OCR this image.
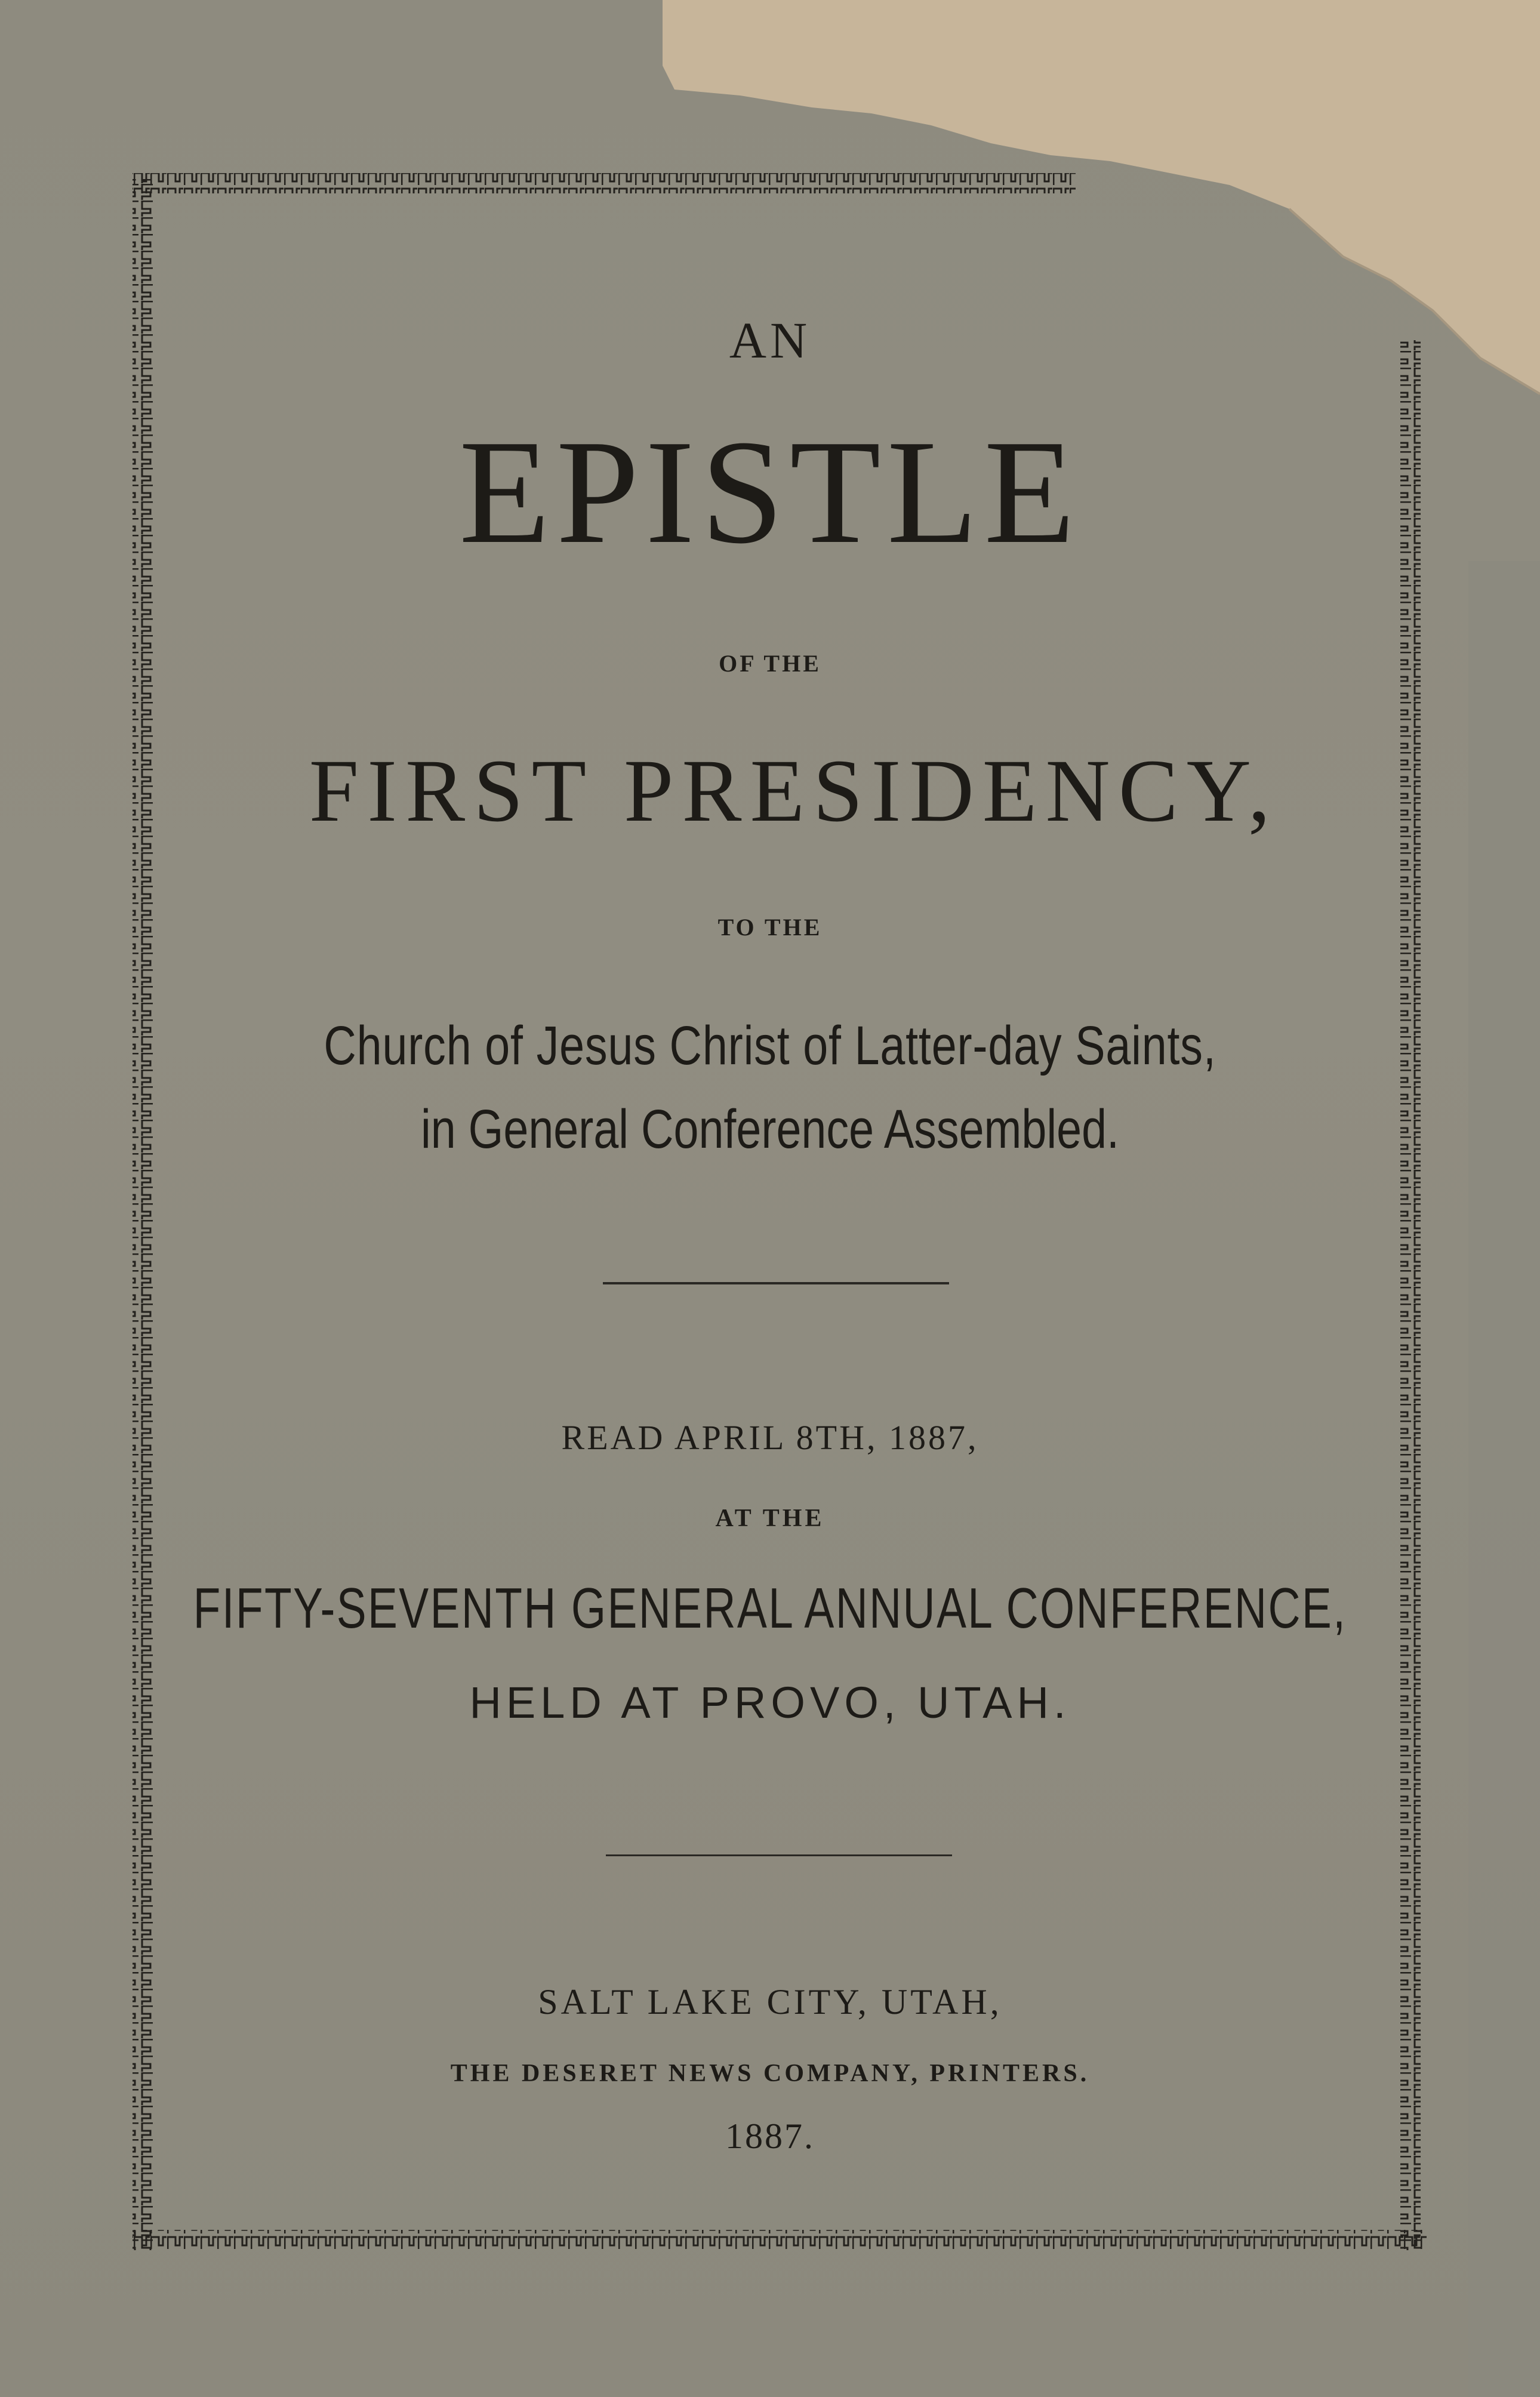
AN
EPISTLE
OF THE
FIRST PRESIDENCY,
TO THE
Church of Jesus Christ of Latter-day Saints,
in General Conference Assembled.
READ APRIL 8TH, 1887,
AT THE
FIFTY-SEVENTH GENERAL ANNUAL CONFERENCE,
HELD AT PROVO, UTAH.
SALT LAKE CITY, UTAH,
THE DESERET NEWS COMPANY, PRINTERS.
1887.
